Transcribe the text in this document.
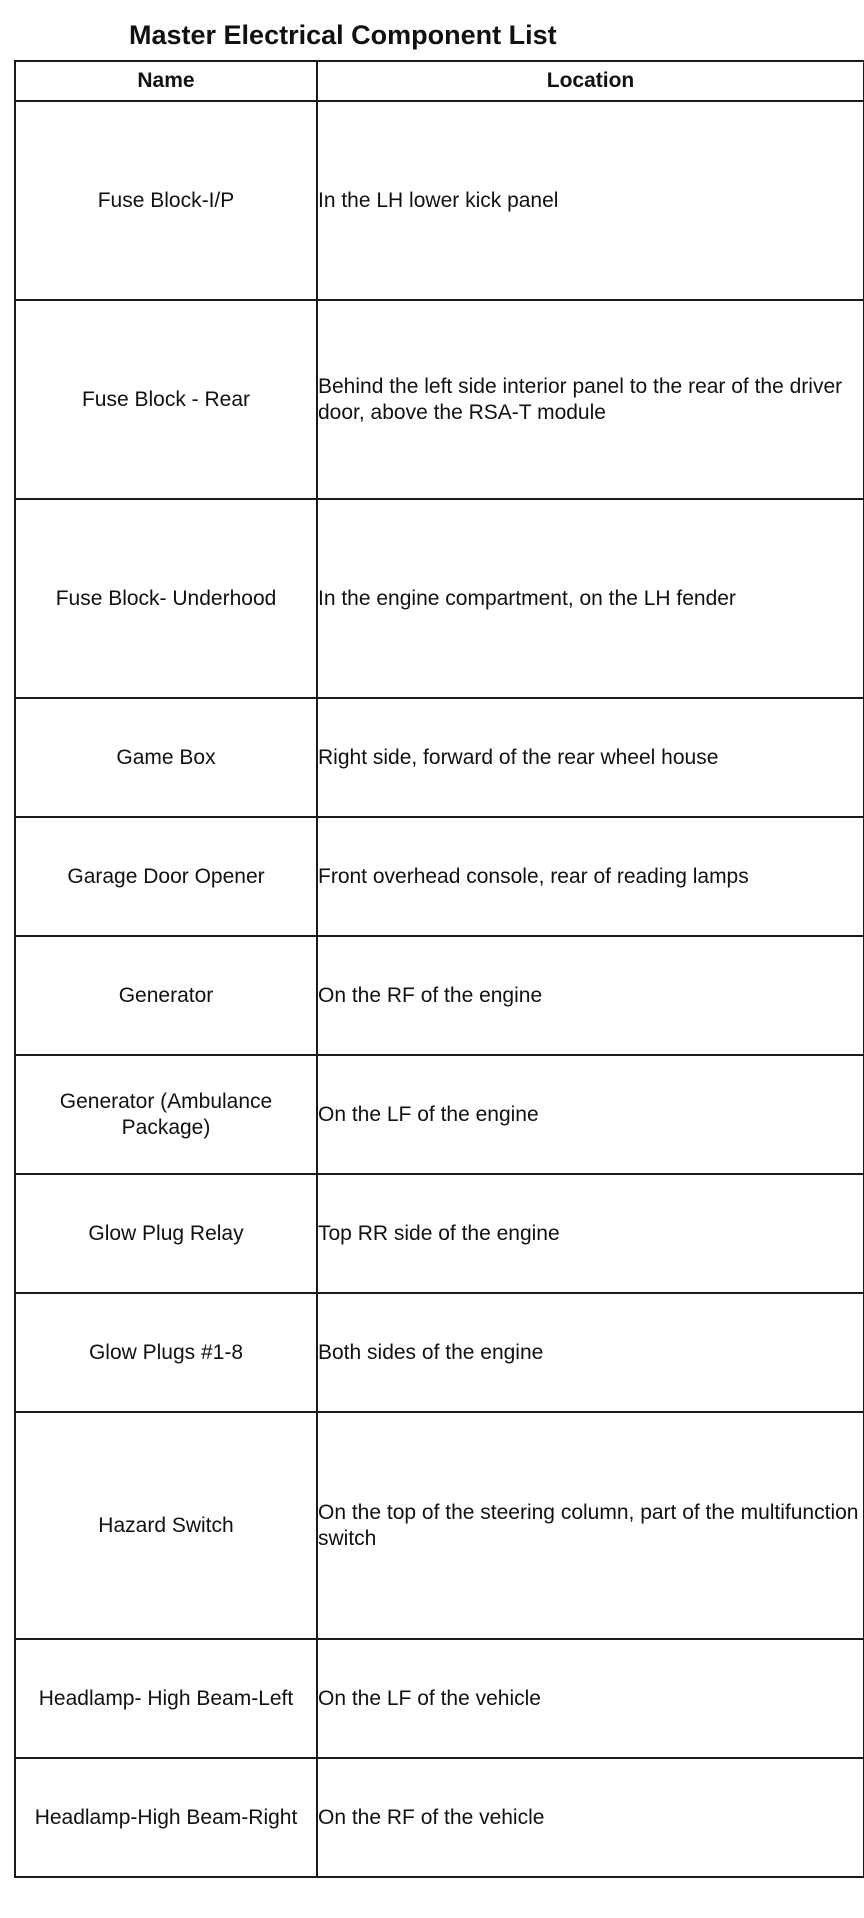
Master Electrical Component List
Name	Location
Fuse Block-I/P	In the LH lower kick panel
Fuse Block - Rear	Behind the left side interior panel to the rear of the driver door, above the RSA-T module
Fuse Block- Underhood	In the engine compartment, on the LH fender
Game Box	Right side, forward of the rear wheel house
Garage Door Opener	Front overhead console, rear of reading lamps
Generator	On the RF of the engine
Generator (Ambulance Package)	On the LF of the engine
Glow Plug Relay	Top RR side of the engine
Glow Plugs #1-8	Both sides of the engine
Hazard Switch	On the top of the steering column, part of the multifunction switch
Headlamp- High Beam-Left	On the LF of the vehicle
Headlamp-High Beam-Right	On the RF of the vehicle
